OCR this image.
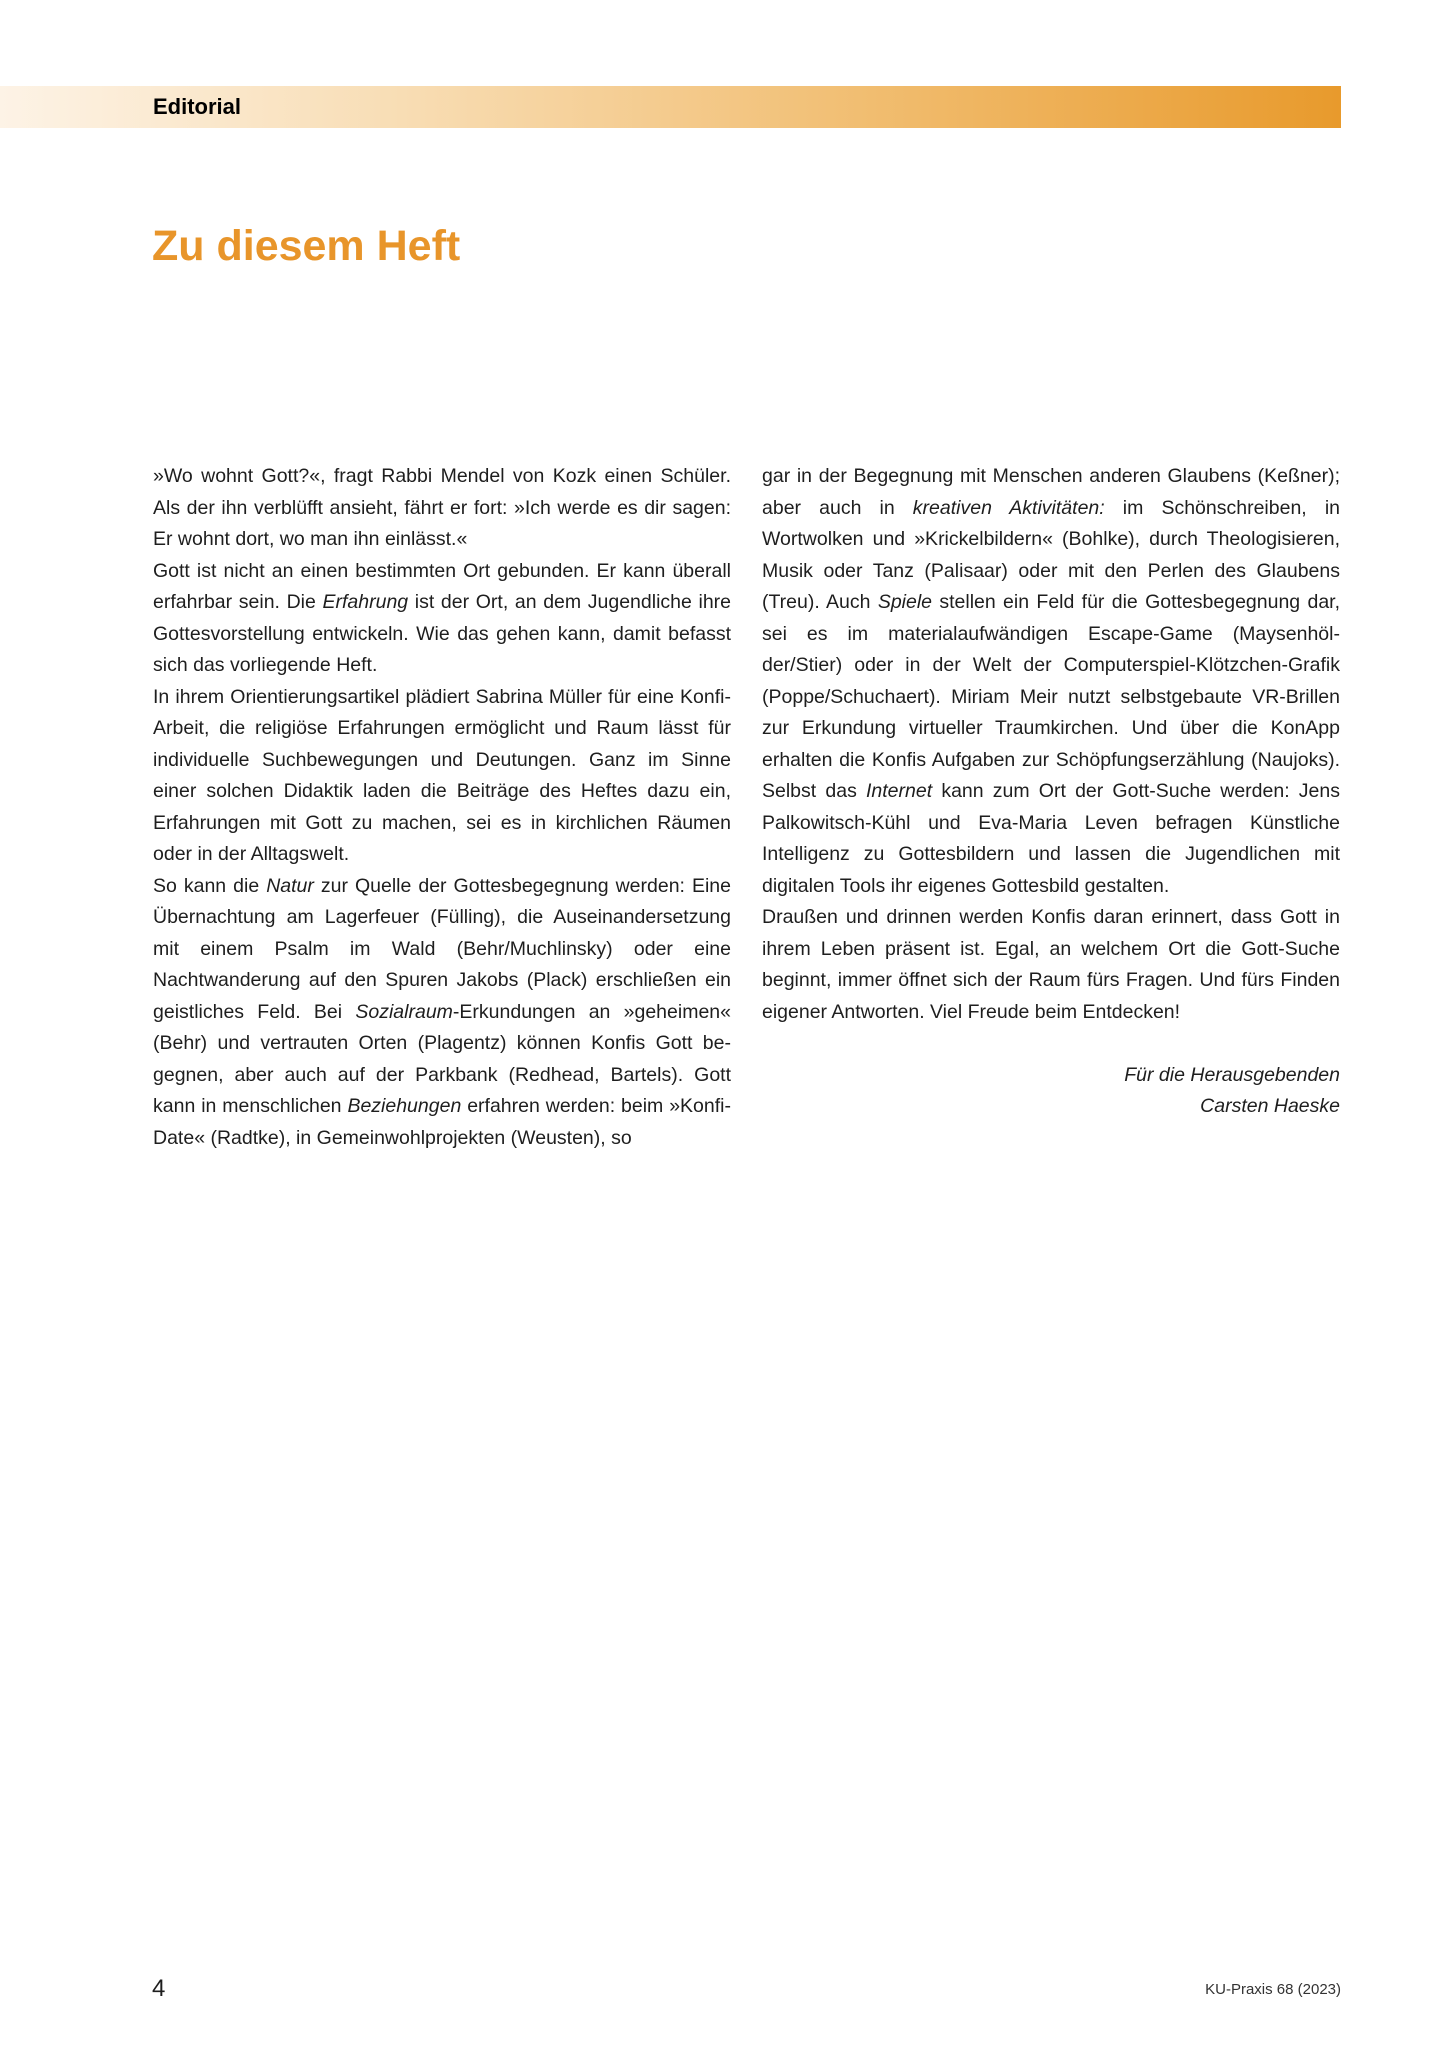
Editorial
Zu diesem Heft

»Wo wohnt Gott?«, fragt Rabbi Mendel von Kozk einen Schüler. Als der ihn verblüfft ansieht, fährt er fort: »Ich werde es dir sagen: Er wohnt dort, wo man ihn einlässt.«

Gott ist nicht an einen bestimmten Ort gebunden. Er kann überall erfahrbar sein. Die Erfahrung ist der Ort, an dem Jugendliche ihre Gottesvorstellung entwickeln. Wie das gehen kann, damit befasst sich das vorliegende Heft.

In ihrem Orientierungsartikel plädiert Sabrina Müller für eine Konfi-Arbeit, die religiöse Erfahrungen ermöglicht und Raum lässt für individuelle Suchbewegungen und Deutungen. Ganz im Sinne einer solchen Didaktik laden die Beiträge des Heftes dazu ein, Erfahrungen mit Gott zu machen, sei es in kirchlichen Räumen oder in der Alltagswelt.

So kann die Natur zur Quelle der Gottesbegegnung werden: Eine Übernachtung am Lagerfeuer (Fülling), die Auseinandersetzung mit einem Psalm im Wald (Behr/Muchlinsky) oder eine Nachtwanderung auf den Spuren Jakobs (Plack) erschließen ein geistliches Feld. Bei Sozialraum-Erkundungen an »geheimen« (Behr) und vertrauten Orten (Plagentz) können Konfis Gott begegnen, aber auch auf der Parkbank (Redhead, Bartels). Gott kann in menschlichen Beziehungen erfahren werden: beim »Konfi-Date« (Radtke), in Gemeinwohlprojekten (Weusten), so

gar in der Begegnung mit Menschen anderen Glaubens (Keßner); aber auch in kreativen Aktivitäten: im Schönschreiben, in Wortwolken und »Krickelbildern« (Bohlke), durch Theologisieren, Musik oder Tanz (Palisaar) oder mit den Perlen des Glaubens (Treu). Auch Spiele stellen ein Feld für die Gottesbegegnung dar, sei es im materialaufwändigen Escape-Game (Maysenhölder/Stier) oder in der Welt der Computerspiel-Klötzchen-Grafik (Poppe/Schuchaert). Miriam Meir nutzt selbstgebaute VR-Brillen zur Erkundung virtueller Traumkirchen. Und über die KonApp erhalten die Konfis Aufgaben zur Schöpfungserzählung (Naujoks). Selbst das Internet kann zum Ort der Gott-Suche werden: Jens Palkowitsch-Kühl und Eva-Maria Leven befragen Künstliche Intelligenz zu Gottesbildern und lassen die Jugendlichen mit digitalen Tools ihr eigenes Gottesbild gestalten.

Draußen und drinnen werden Konfis daran erinnert, dass Gott in ihrem Leben präsent ist. Egal, an welchem Ort die Gott-Suche beginnt, immer öffnet sich der Raum fürs Fragen. Und fürs Finden eigener Antworten. Viel Freude beim Entdecken!

Für die Herausgebenden
Carsten Haeske
4	KU-Praxis 68 (2023)
